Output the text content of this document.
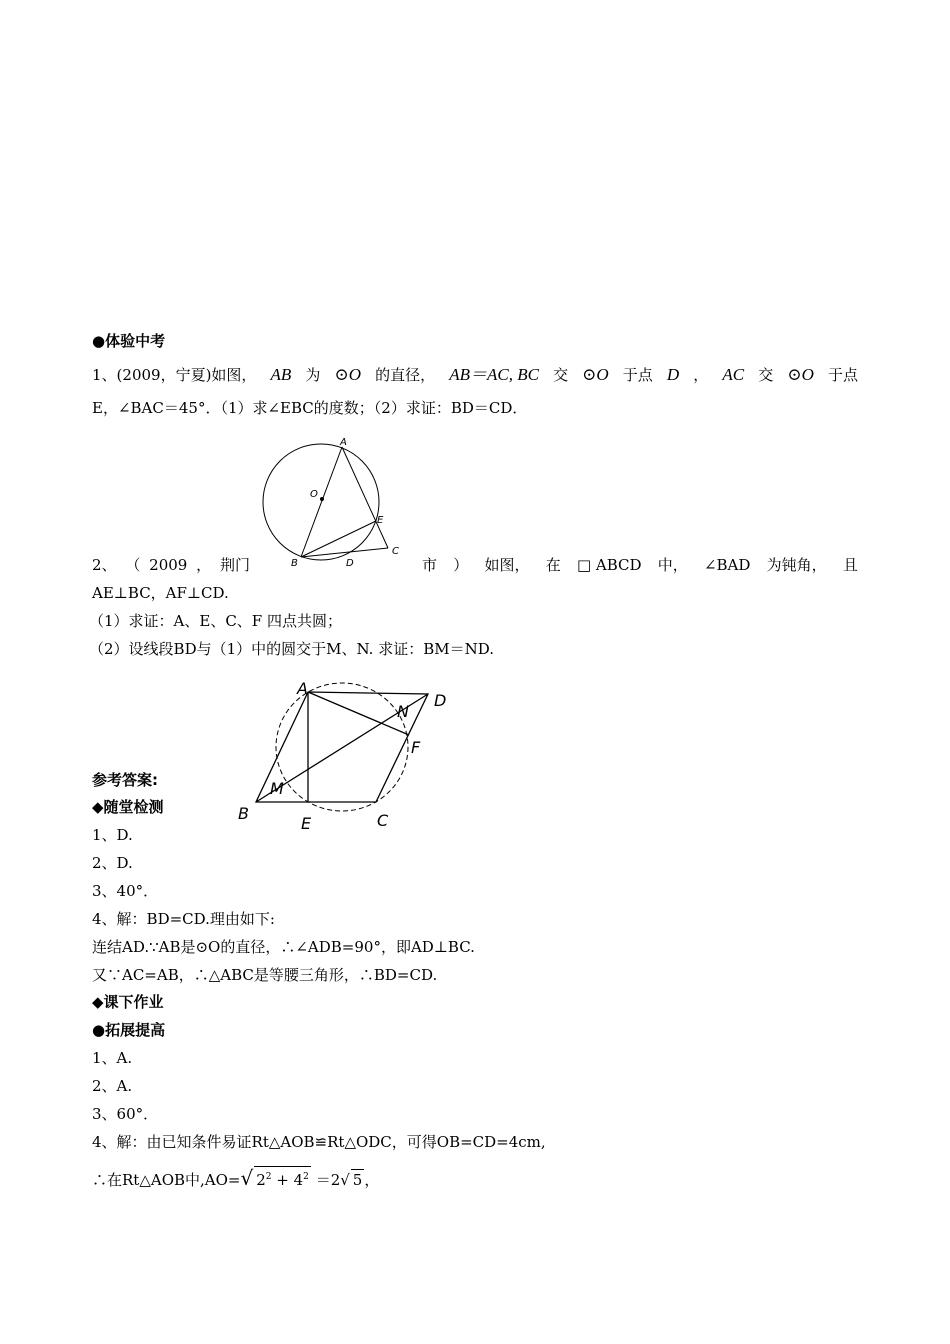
●体验中考
1、(2009，宁夏)如图， AB 为 ⊙O 的直径， AB＝AC, BC 交 ⊙O 于点 D ， AC 交 ⊙O 于点
E，∠BAC＝45°．（1）求∠EBC的度数；（2）求证：BD＝CD．
A
O
E
B	D
C
2、 （ 2009 ， 荆门	市 ） 如图， 在 □ ABCD 中， ∠BAD 为钝角， 且
AE⊥BC，AF⊥CD.
（1）求证：A、E、C、F 四点共圆；
（2）设线段BD与（1）中的圆交于M、N. 求证：BM＝ND.
A
D
N
F
M
B
E	C
参考答案:
◆随堂检测
1、D.
2、D.
3、40°．
4、解：BD=CD.理由如下:
连结AD.∵AB是⊙O的直径，∴∠ADB=90°，即AD⊥BC.
又∵AC=AB，∴△ABC是等腰三角形，∴BD=CD.
◆课下作业
●拓展提高
1、A.
2、A.
3、60°．
4、解：由已知条件易证Rt△AOB≌Rt△ODC，可得OB=CD=4cm,
∴在Rt△AOB中,AO=√ $2^2 + 4^2 =2√$ 5 ，
